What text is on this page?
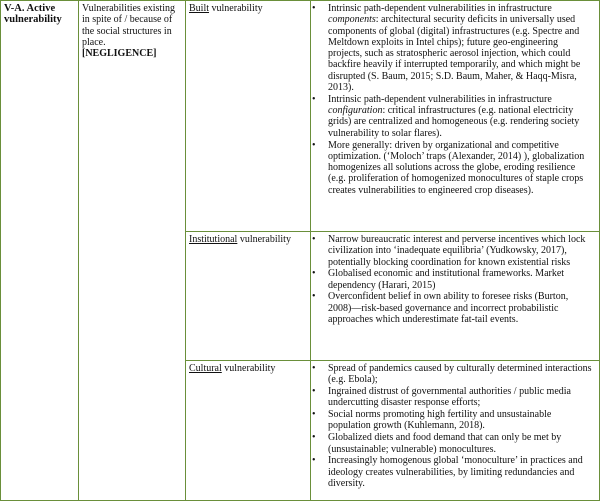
V-A. Active vulnerability
Vulnerabilities existing in spite of / because of the social structures in place.
[NEGLIGENCE]
Built vulnerability	• Intrinsic path-dependent vulnerabilities in infrastructure components: architectural security deficits in universally used components of global (digital) infrastructures (e.g. Spectre and Meltdown exploits in Intel chips); future geo-engineering projects, such as stratospheric aerosol injection, which could backfire heavily if interrupted temporarily, and which might be disrupted (S. Baum, 2015; S.D. Baum, Maher, & Haqq-Misra, 2013).
• Intrinsic path-dependent vulnerabilities in infrastructure configuration: critical infrastructures (e.g. national electricity grids) are centralized and homogeneous (e.g. rendering society vulnerability to solar flares).
• More generally: driven by organizational and competitive optimization. (‘Moloch’ traps (Alexander, 2014) ), globalization homogenizes all solutions across the globe, eroding resilience (e.g. proliferation of homogenized monocultures of staple crops creates vulnerabilities to engineered crop diseases).
Institutional vulnerability	• Narrow bureaucratic interest and perverse incentives which lock civilization into ‘inadequate equilibria’ (Yudkowsky, 2017), potentially blocking coordination for known existential risks
• Globalised economic and institutional frameworks. Market dependency (Harari, 2015)
• Overconfident belief in own ability to foresee risks (Burton, 2008)—risk-based governance and incorrect probabilistic approaches which underestimate fat-tail events.
Cultural vulnerability	• Spread of pandemics caused by culturally determined interactions (e.g. Ebola);
• Ingrained distrust of governmental authorities / public media undercutting disaster response efforts;
• Social norms promoting high fertility and unsustainable population growth (Kuhlemann, 2018).
• Globalized diets and food demand that can only be met by (unsustainable; vulnerable) monocultures.
• Increasingly homogenous global ‘monoculture’ in practices and ideology creates vulnerabilities, by limiting redundancies and diversity.
